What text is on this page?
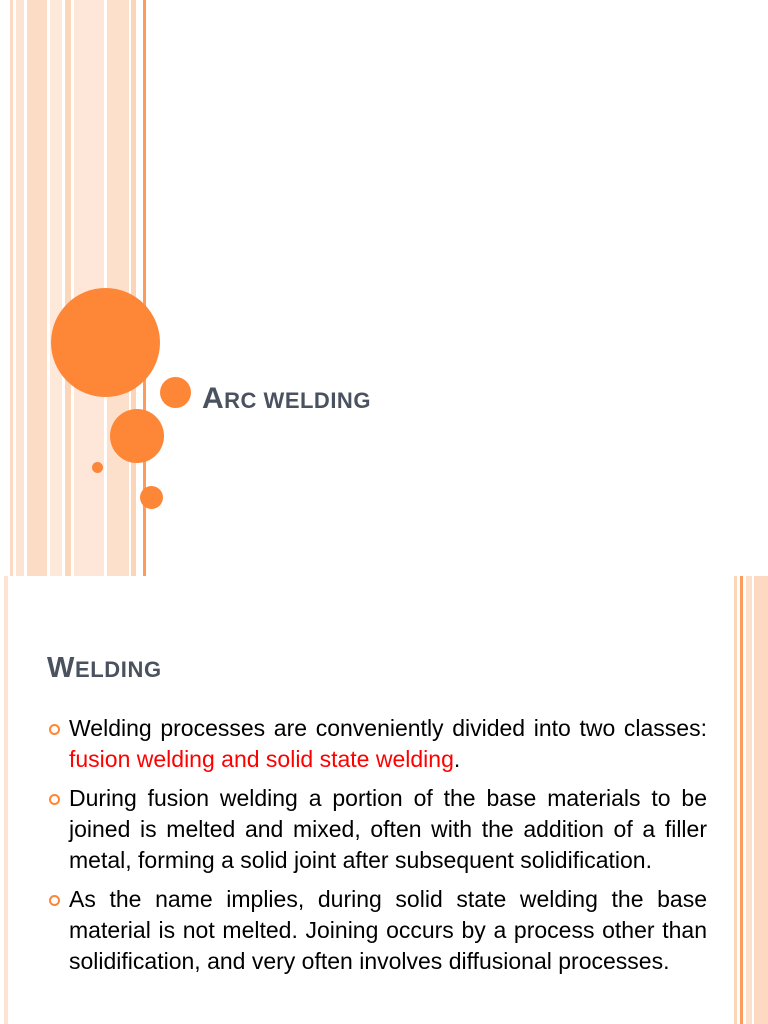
ARC WELDING
WELDING
Welding processes are conveniently divided into two classes: fusion welding and solid state welding.
During fusion welding a portion of the base materials to be joined is melted and mixed, often with the addition of a filler metal, forming a solid joint after subsequent solidification.
As the name implies, during solid state welding the base material is not melted. Joining occurs by a process other than solidification, and very often involves diffusional processes.
